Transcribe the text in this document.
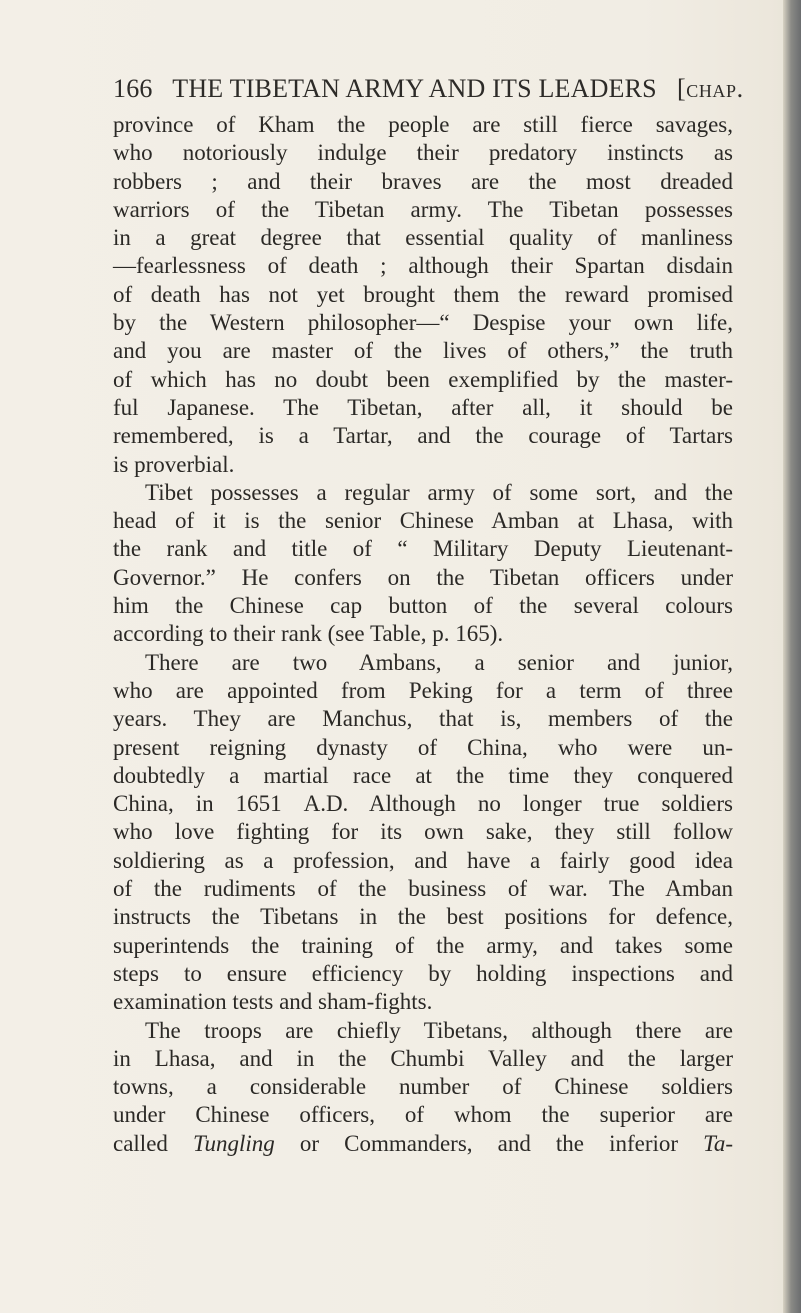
166 THE TIBETAN ARMY AND ITS LEADERS [chap.
province of Kham the people are still fierce savages,
who notoriously indulge their predatory instincts as
robbers ; and their braves are the most dreaded
warriors of the Tibetan army. The Tibetan possesses
in a great degree that essential quality of manliness
—fearlessness of death ; although their Spartan disdain
of death has not yet brought them the reward promised
by the Western philosopher—“ Despise your own life,
and you are master of the lives of others,” the truth
of which has no doubt been exemplified by the master-
ful Japanese. The Tibetan, after all, it should be
remembered, is a Tartar, and the courage of Tartars
is proverbial.
Tibet possesses a regular army of some sort, and the
head of it is the senior Chinese Amban at Lhasa, with
the rank and title of “ Military Deputy Lieutenant-
Governor.” He confers on the Tibetan officers under
him the Chinese cap button of the several colours
according to their rank (see Table, p. 165).
There are two Ambans, a senior and junior,
who are appointed from Peking for a term of three
years. They are Manchus, that is, members of the
present reigning dynasty of China, who were un-
doubtedly a martial race at the time they conquered
China, in 1651 A.D. Although no longer true soldiers
who love fighting for its own sake, they still follow
soldiering as a profession, and have a fairly good idea
of the rudiments of the business of war. The Amban
instructs the Tibetans in the best positions for defence,
superintends the training of the army, and takes some
steps to ensure efficiency by holding inspections and
examination tests and sham-fights.
The troops are chiefly Tibetans, although there are
in Lhasa, and in the Chumbi Valley and the larger
towns, a considerable number of Chinese soldiers
under Chinese officers, of whom the superior are
called Tungling or Commanders, and the inferior Ta-
